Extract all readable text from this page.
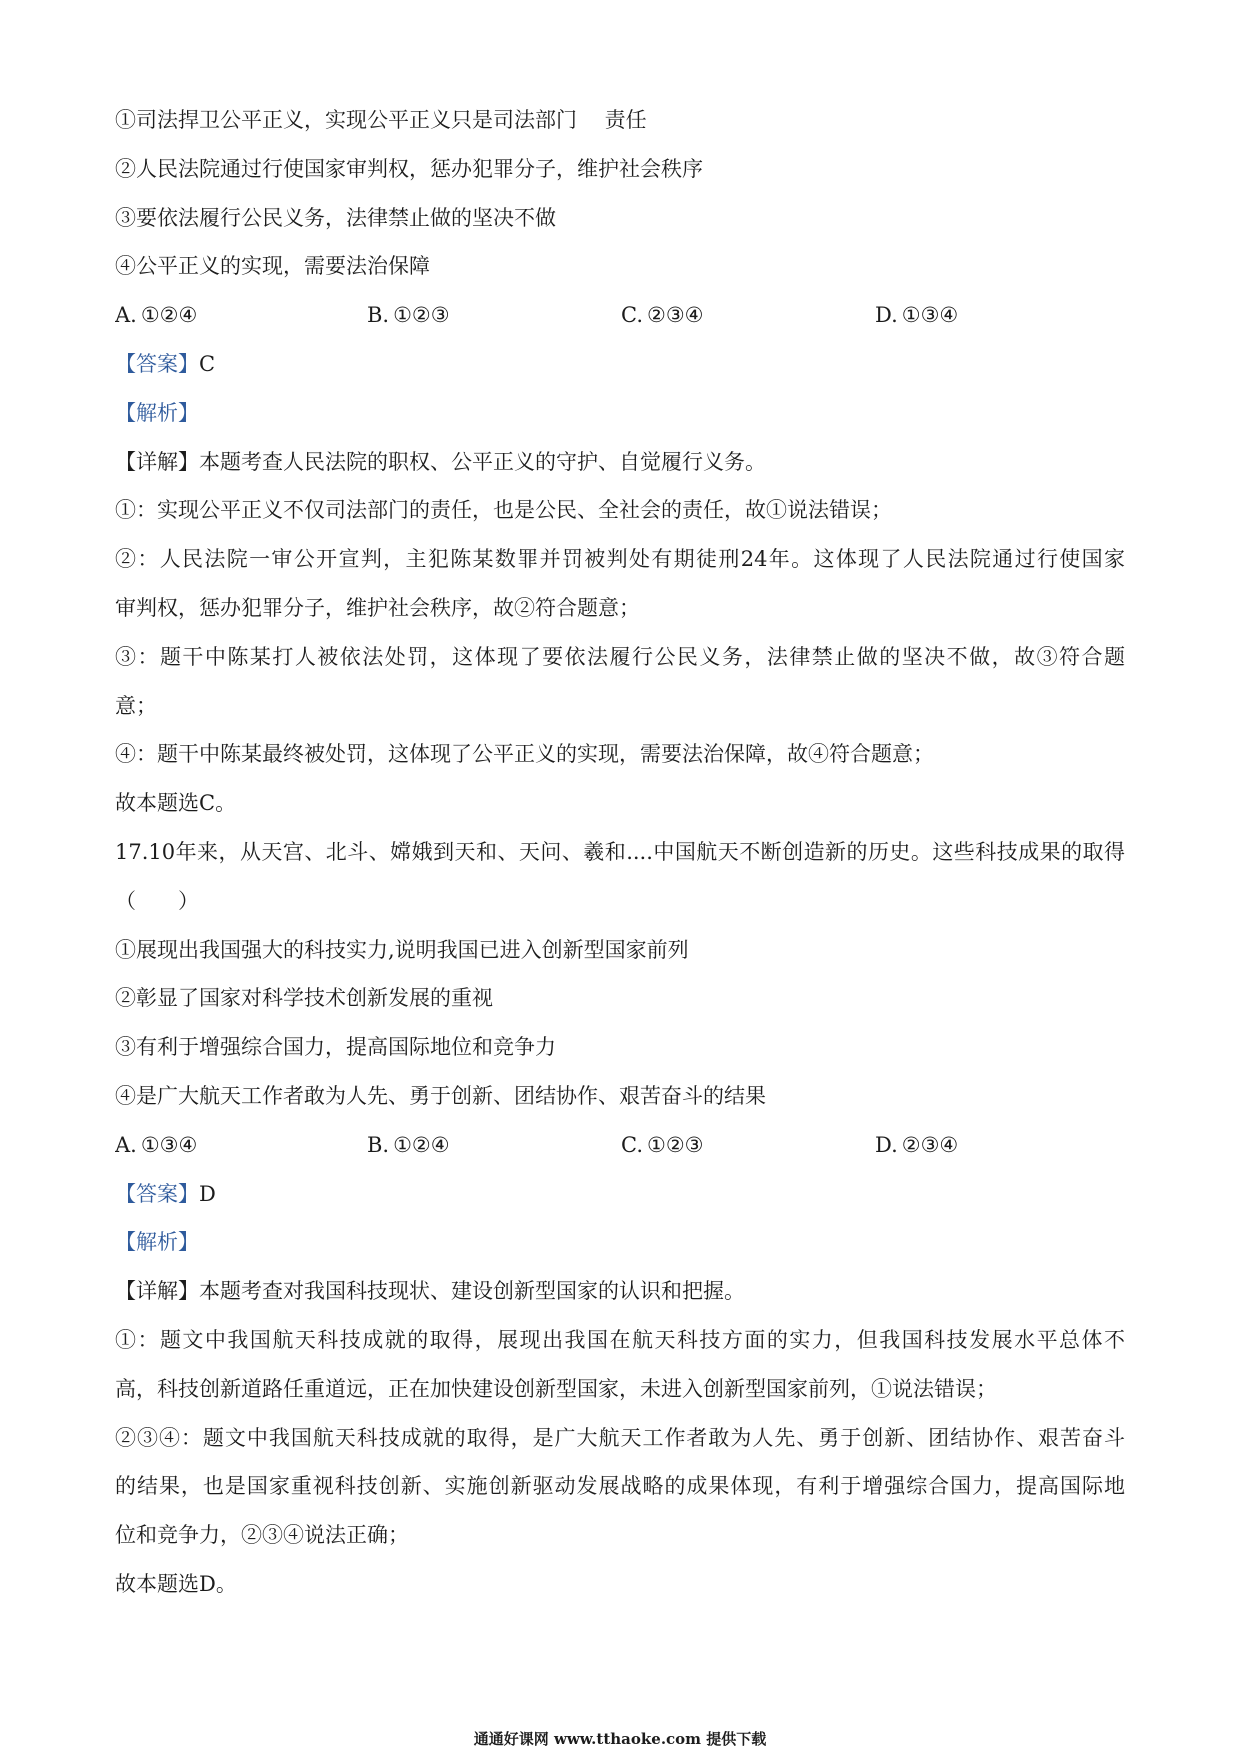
①司法捍卫公平正义，实现公平正义只是司法部门　 责任
②人民法院通过行使国家审判权，惩办犯罪分子，维护社会秩序
③要依法履行公民义务，法律禁止做的坚决不做
④公平正义的实现，需要法治保障
A. ①②④	B. ①②③	C. ②③④	D. ①③④
【答案】C
【解析】
【详解】本题考查人民法院的职权、公平正义的守护、自觉履行义务。
①：实现公平正义不仅司法部门的责任，也是公民、全社会的责任，故①说法错误；
②：人民法院一审公开宣判，主犯陈某数罪并罚被判处有期徒刑24年。这体现了人民法院通过行使国家
审判权，惩办犯罪分子，维护社会秩序，故②符合题意；
③：题干中陈某打人被依法处罚，这体现了要依法履行公民义务，法律禁止做的坚决不做，故③符合题
意；
④：题干中陈某最终被处罚，这体现了公平正义的实现，需要法治保障，故④符合题意；
故本题选C。
17.10年来，从天宫、北斗、嫦娥到天和、天问、羲和....中国航天不断创造新的历史。这些科技成果的取得
（　　）
①展现出我国强大的科技实力,说明我国已进入创新型国家前列
②彰显了国家对科学技术创新发展的重视
③有利于增强综合国力，提高国际地位和竞争力
④是广大航天工作者敢为人先、勇于创新、团结协作、艰苦奋斗的结果
A. ①③④	B. ①②④	C. ①②③	D. ②③④
【答案】D
【解析】
【详解】本题考查对我国科技现状、建设创新型国家的认识和把握。
①：题文中我国航天科技成就的取得，展现出我国在航天科技方面的实力，但我国科技发展水平总体不
高，科技创新道路任重道远，正在加快建设创新型国家，未进入创新型国家前列，①说法错误；
②③④：题文中我国航天科技成就的取得，是广大航天工作者敢为人先、勇于创新、团结协作、艰苦奋斗
的结果，也是国家重视科技创新、实施创新驱动发展战略的成果体现，有利于增强综合国力，提高国际地
位和竞争力，②③④说法正确；
故本题选D。
通通好课网 www.tthaoke.com 提供下载
